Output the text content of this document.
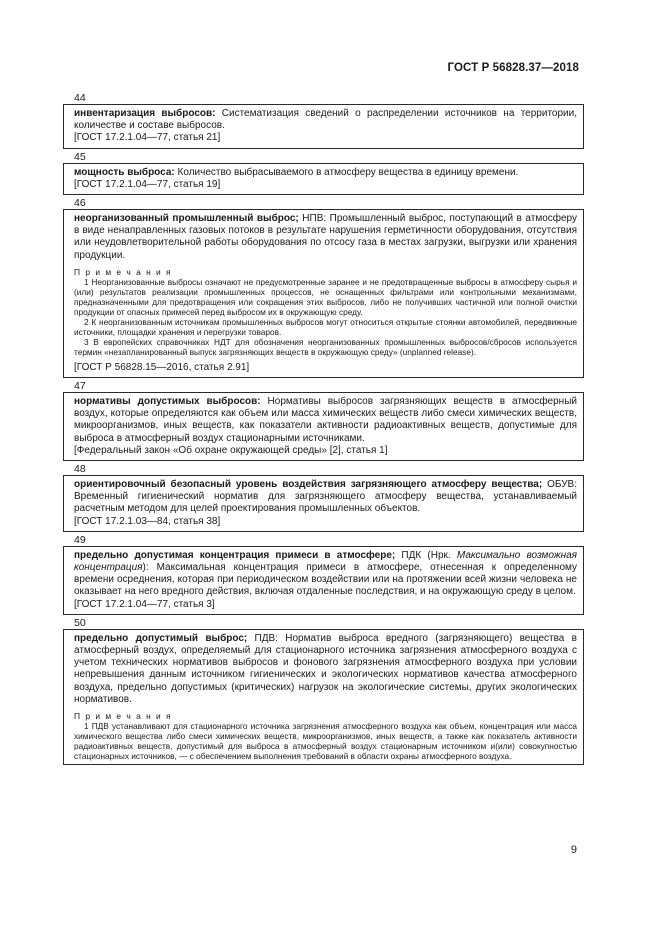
ГОСТ Р 56828.37—2018
44
инвентаризация выбросов: Систематизация сведений о распределении источников на территории, количестве и составе выбросов.
[ГОСТ 17.2.1.04—77, статья 21]
45
мощность выброса: Количество выбрасываемого в атмосферу вещества в единицу времени.
[ГОСТ 17.2.1.04—77, статья 19]
46
неорганизованный промышленный выброс; НПВ: Промышленный выброс, поступающий в атмосферу в виде ненаправленных газовых потоков в результате нарушения герметичности оборудования, отсутствия или неудовлетворительной работы оборудования по отсосу газа в местах загрузки, выгрузки или хранения продукции.
П р и м е ч а н и я
1 Неорганизованные выбросы означают не предусмотренные заранее и не предотвращенные выбросы в атмосферу сырья и (или) результатов реализации промышленных процессов, не оснащенных фильтрами или контрольными механизмами, предназначенными для предотвращения или сокращения этих выбросов, либо не получивших частичной или полной очистки продукции от опасных примесей перед выбросом их в окружающую среду.
2 К неорганизованным источникам промышленных выбросов могут относиться открытые стоянки автомобилей, передвижные источники, площадки хранения и перегрузки товаров.
3 В европейских справочниках НДТ для обозначения неорганизованных промышленных выбросов/сбросов используется термин «незапланированный выпуск загрязняющих веществ в окружающую среду» (unplanned release).
[ГОСТ Р 56828.15—2016, статья 2.91]
47
нормативы допустимых выбросов: Нормативы выбросов загрязняющих веществ в атмосферный воздух, которые определяются как объем или масса химических веществ либо смеси химических веществ, микроорганизмов, иных веществ, как показатели активности радиоактивных веществ, допустимые для выброса в атмосферный воздух стационарными источниками.
[Федеральный закон «Об охране окружающей среды» [2], статья 1]
48
ориентировочный безопасный уровень воздействия загрязняющего атмосферу вещества; ОБУВ: Временный гигиенический норматив для загрязняющего атмосферу вещества, устанавливаемый расчетным методом для целей проектирования промышленных объектов.
[ГОСТ 17.2.1.03—84, статья 38]
49
предельно допустимая концентрация примеси в атмосфере; ПДК (Нрк. Максимально возможная концентрация): Максимальная концентрация примеси в атмосфере, отнесенная к определенному времени осреднения, которая при периодическом воздействии или на протяжении всей жизни человека не оказывает на него вредного действия, включая отдаленные последствия, и на окружающую среду в целом.
[ГОСТ 17.2.1.04—77, статья 3]
50
предельно допустимый выброс; ПДВ: Норматив выброса вредного (загрязняющего) вещества в атмосферный воздух, определяемый для стационарного источника загрязнения атмосферного воздуха с учетом технических нормативов выбросов и фонового загрязнения атмосферного воздуха при условии непревышения данным источником гигиенических и экологических нормативов качества атмосферного воздуха, предельно допустимых (критических) нагрузок на экологические системы, других экологических нормативов.
П р и м е ч а н и я
1 ПДВ устанавливают для стационарного источника загрязнения атмосферного воздуха как объем, концентрация или масса химического вещества либо смеси химических веществ, микроорганизмов, иных веществ, а также как показатель активности радиоактивных веществ, допустимый для выброса в атмосферный воздух стационарным источником и(или) совокупностью стационарных источников, — с обеспечением выполнения требований в области охраны атмосферного воздуха.
9
